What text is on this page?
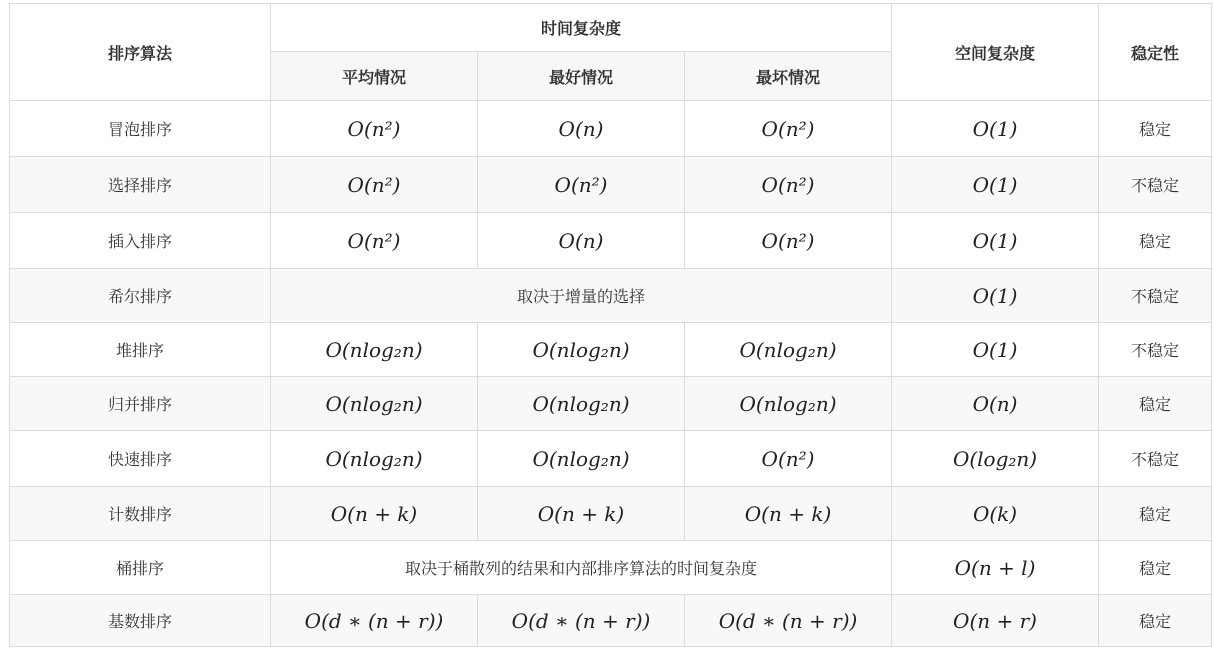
排序算法	时间复杂度			空间复杂度	稳定性
	平均情况	最好情况	最坏情况		
冒泡排序	O(n²)	O(n)	O(n²)	O(1)	稳定
选择排序	O(n²)	O(n²)	O(n²)	O(1)	不稳定
插入排序	O(n²)	O(n)	O(n²)	O(1)	稳定
希尔排序	取决于增量的选择			O(1)	不稳定
堆排序	O(nlog₂n)	O(nlog₂n)	O(nlog₂n)	O(1)	不稳定
归并排序	O(nlog₂n)	O(nlog₂n)	O(nlog₂n)	O(n)	稳定
快速排序	O(nlog₂n)	O(nlog₂n)	O(n²)	O(log₂n)	不稳定
计数排序	O(n + k)	O(n + k)	O(n + k)	O(k)	稳定
桶排序	取决于桶散列的结果和内部排序算法的时间复杂度			O(n + l)	稳定
基数排序	O(d ∗ (n + r))	O(d ∗ (n + r))	O(d ∗ (n + r))	O(n + r)	稳定
